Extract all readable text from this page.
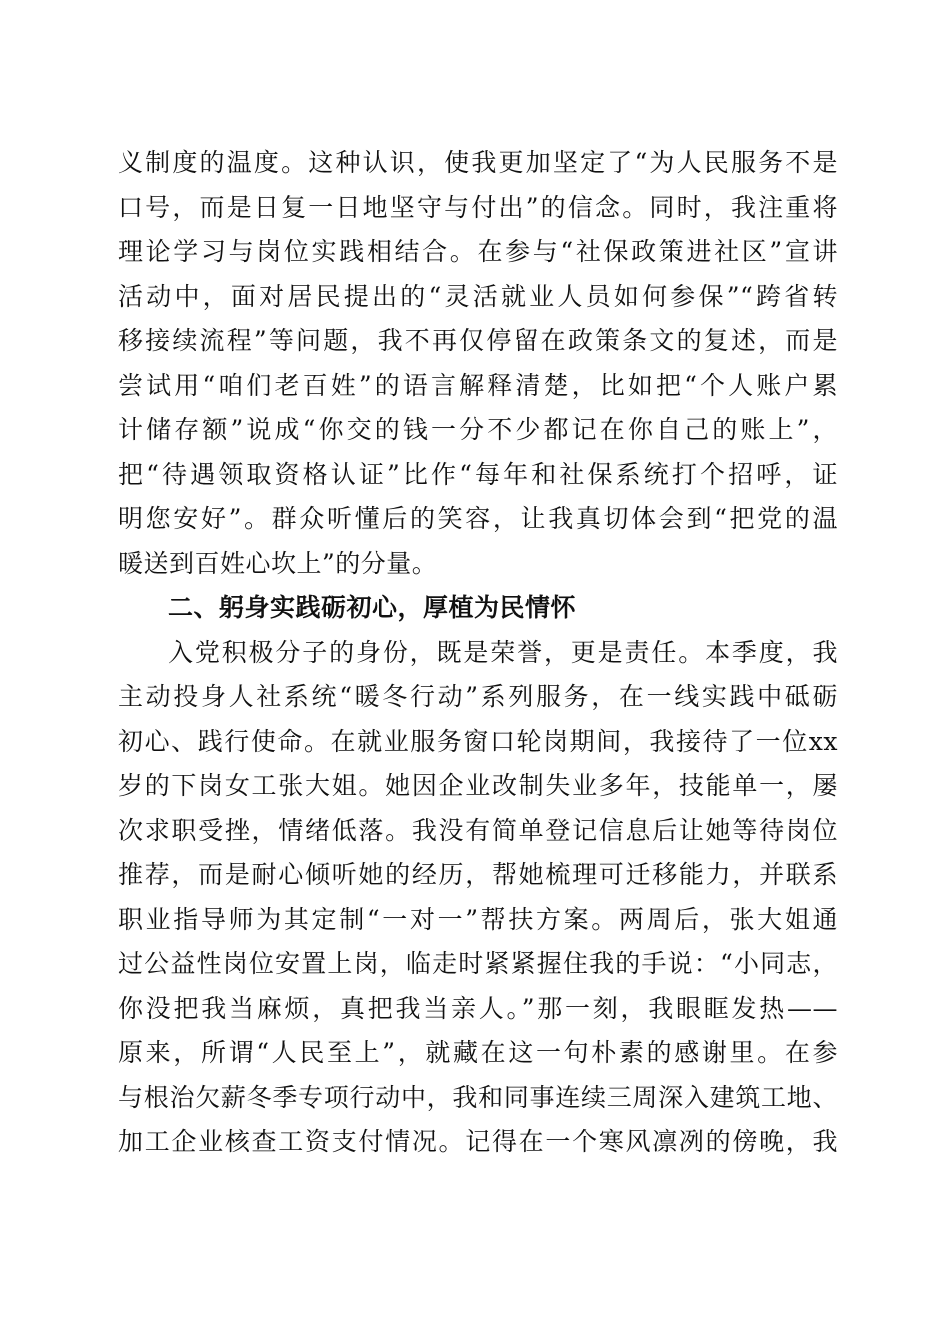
义制度的温度。这种认识，使我更加坚定了“为人民服务不是
口号，而是日复一日地坚守与付出”的信念。同时，我注重将
理论学习与岗位实践相结合。在参与“社保政策进社区”宣讲
活动中，面对居民提出的“灵活就业人员如何参保”“跨省转
移接续流程”等问题，我不再仅停留在政策条文的复述，而是
尝试用“咱们老百姓”的语言解释清楚，比如把“个人账户累
计储存额”说成“你交的钱一分不少都记在你自己的账上”，
把“待遇领取资格认证”比作“每年和社保系统打个招呼，证
明您安好”。群众听懂后的笑容，让我真切体会到“把党的温
暖送到百姓心坎上”的分量。
二、躬身实践砺初心，厚植为民情怀
入党积极分子的身份，既是荣誉，更是责任。本季度，我
主动投身人社系统“暖冬行动”系列服务，在一线实践中砥砺
初心、践行使命。在就业服务窗口轮岗期间，我接待了一位xx
岁的下岗女工张大姐。她因企业改制失业多年，技能单一，屡
次求职受挫，情绪低落。我没有简单登记信息后让她等待岗位
推荐，而是耐心倾听她的经历，帮她梳理可迁移能力，并联系
职业指导师为其定制“一对一”帮扶方案。两周后，张大姐通
过公益性岗位安置上岗，临走时紧紧握住我的手说：“小同志，
你没把我当麻烦，真把我当亲人。”那一刻，我眼眶发热——
原来，所谓“人民至上”，就藏在这一句朴素的感谢里。在参
与根治欠薪冬季专项行动中，我和同事连续三周深入建筑工地、
加工企业核查工资支付情况。记得在一个寒风凛冽的傍晚，我
